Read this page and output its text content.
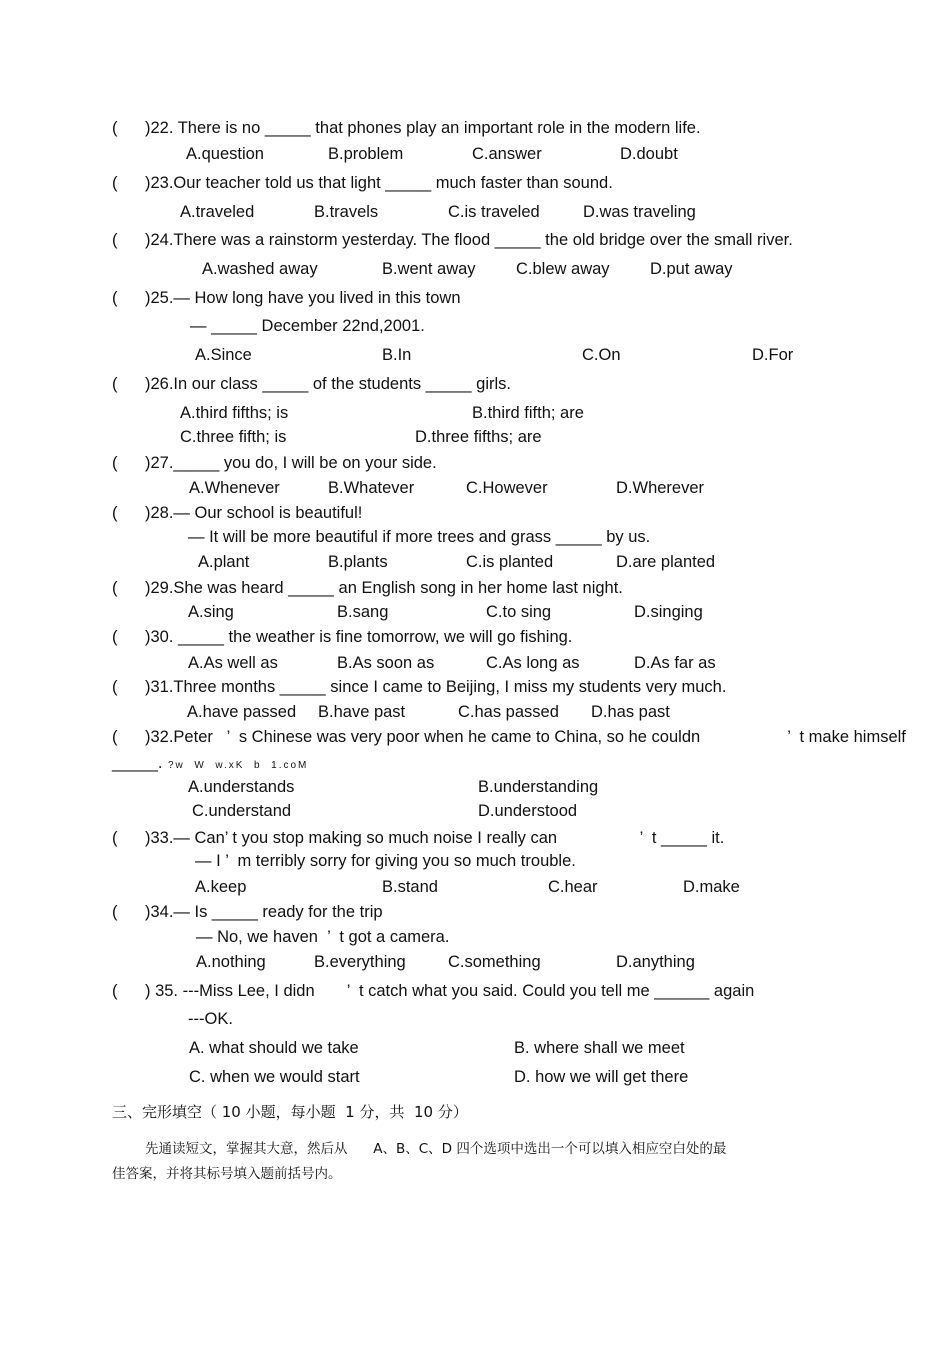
(      )22. There is no _____ that phones play an important role in the modern life.
A.question	B.problem	C.answer	D.doubt
(      )23.Our teacher told us that light _____ much faster than sound.
A.traveled	B.travels	C.is traveled	D.was traveling
(      )24.There was a rainstorm yesterday. The flood _____ the old bridge over the small river.
A.washed away	B.went away C.blew away D.put away
(      )25.— How long have you lived in this town
— _____ December 22nd,2001.
A.Since	B.In	C.On	D.For
(      )26.In our class _____ of the students _____ girls.
A.third fifths; is	B.third fifth; are
C.three fifth; is	D.three fifths; are
(      )27._____ you do, I will be on your side.
A.Whenever	B.Whatever	C.However	D.Wherever
(      )28.— Our school is beautiful!
— It will be more beautiful if more trees and grass _____ by us.
A.plant	B.plants	C.is planted	D.are planted
(      )29.She was heard _____ an English song in her home last night.
A.sing	B.sang	C.to sing	D.singing
(      )30. _____ the weather is fine tomorrow, we will go fishing.
A.As well as	B.As soon as	C.As long as	D.As far as
(      )31.Three months _____ since I came to Beijing, I miss my students very much.
A.have passed B.have past	C.has passed D.has past
(      )32.Peter   ’  s Chinese was very poor when he came to China, so he couldn                   ’  t make himself
_____. ?w  W  w.xK  b  1.coM
A.understands	B.understanding
C.understand	D.understood
(      )33.— Can’ t you stop making so much noise I really can                  ’  t _____ it.
— I ’  m terribly sorry for giving you so much trouble.
A.keep	B.stand	C.hear	D.make
(      )34.— Is _____ ready for the trip
— No, we haven  ’  t got a camera.
A.nothing	B.everything	C.something	D.anything
(      ) 35. ---Miss Lee, I didn       ’  t catch what you said. Could you tell me ______ again
---OK.
A. what should we take	B. where shall we meet
C. when we would start	D. how we will get there
三、完形填空（ 10 小题，每小题  1 分，共  10 分）
先通读短文，掌握其大意，然后从      A、B、C、D 四个选项中选出一个可以填入相应空白处的最
佳答案，并将其标号填入题前括号内。
